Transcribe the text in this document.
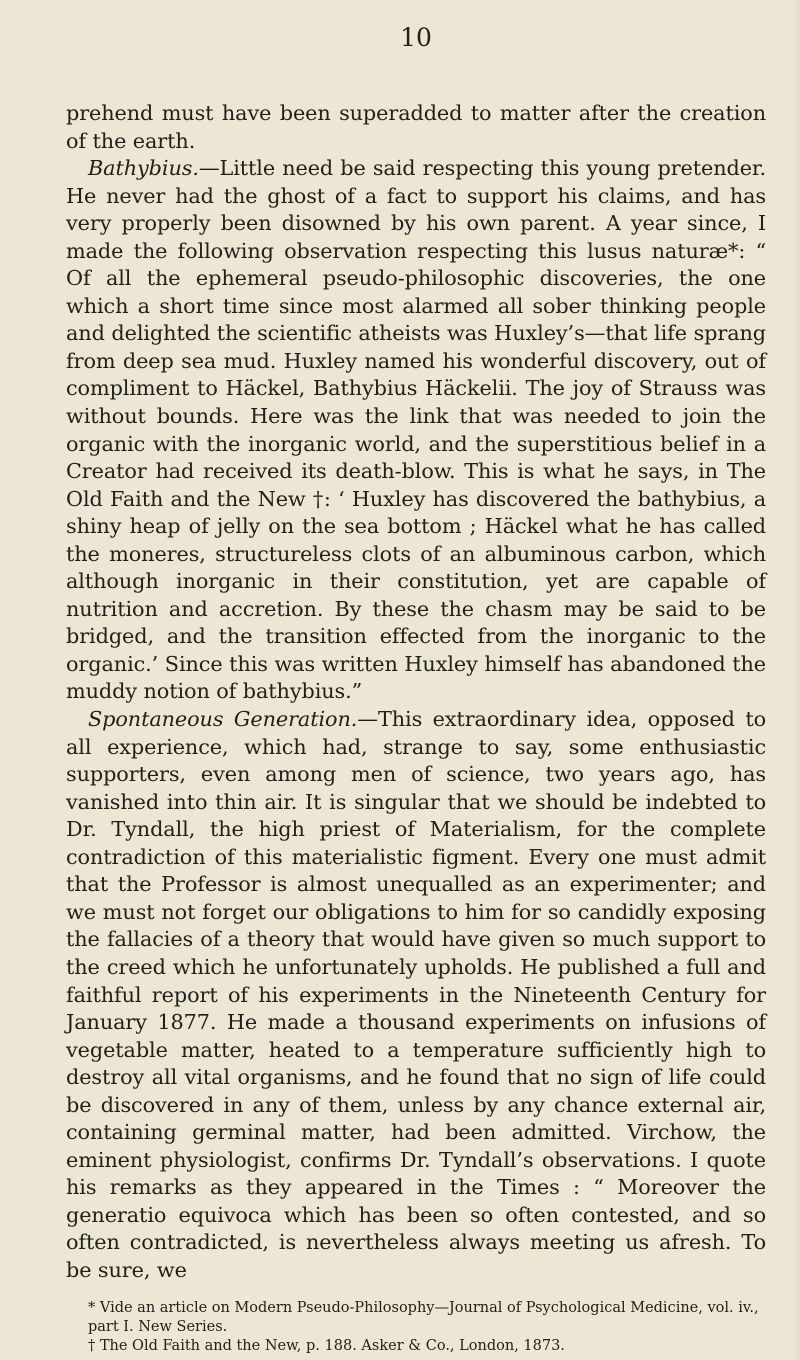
10

prehend must have been superadded to matter after the creation of the earth.

Bathybius.—Little need be said respecting this young pretender. He never had the ghost of a fact to support his claims, and has very properly been disowned by his own parent. A year since, I made the following observation respecting this lusus naturæ*: “ Of all the ephemeral pseudo-philosophic discoveries, the one which a short time since most alarmed all sober thinking people and delighted the scientific atheists was Huxley’s—that life sprang from deep sea mud. Huxley named his wonderful discovery, out of compliment to Häckel, Bathybius Häckelii. The joy of Strauss was without bounds. Here was the link that was needed to join the organic with the inorganic world, and the superstitious belief in a Creator had received its death-blow. This is what he says, in The Old Faith and the New †: ‘ Huxley has discovered the bathybius, a shiny heap of jelly on the sea bottom ; Häckel what he has called the moneres, structureless clots of an albuminous carbon, which although inorganic in their constitution, yet are capable of nutrition and accretion. By these the chasm may be said to be bridged, and the transition effected from the inorganic to the organic.’ Since this was written Huxley himself has abandoned the muddy notion of bathybius.”

Spontaneous Generation.—This extraordinary idea, opposed to all experience, which had, strange to say, some enthusiastic supporters, even among men of science, two years ago, has vanished into thin air. It is singular that we should be indebted to Dr. Tyndall, the high priest of Materialism, for the complete contradiction of this materialistic figment. Every one must admit that the Professor is almost unequalled as an experimenter; and we must not forget our obligations to him for so candidly exposing the fallacies of a theory that would have given so much support to the creed which he unfortunately upholds. He published a full and faithful report of his experiments in the Nineteenth Century for January 1877. He made a thousand experiments on infusions of vegetable matter, heated to a temperature sufficiently high to destroy all vital organisms, and he found that no sign of life could be discovered in any of them, unless by any chance external air, containing germinal matter, had been admitted. Virchow, the eminent physiologist, confirms Dr. Tyndall’s observations. I quote his remarks as they appeared in the Times : “ Moreover the generatio equivoca which has been so often contested, and so often contradicted, is nevertheless always meeting us afresh. To be sure, we

* Vide an article on Modern Pseudo-Philosophy—Journal of Psychological Medicine, vol. iv., part I. New Series.

† The Old Faith and the New, p. 188. Asker & Co., London, 1873.
